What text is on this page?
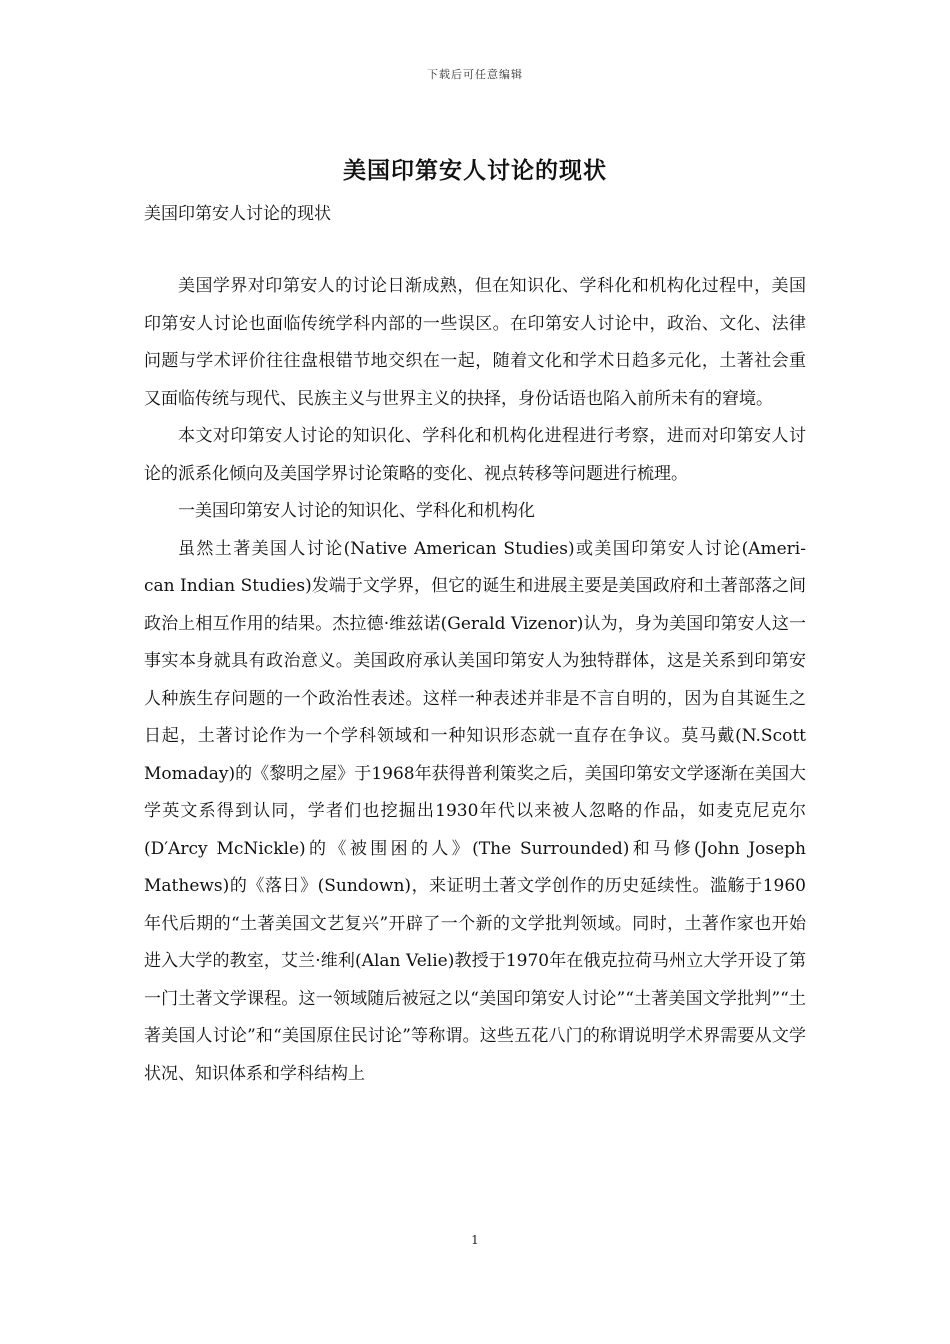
下载后可任意编辑
美国印第安人讨论的现状

美国印第安人讨论的现状

美国学界对印第安人的讨论日渐成熟，但在知识化、学科化和机构化过程中，美国印第安人讨论也面临传统学科内部的一些误区。在印第安人讨论中，政治、文化、法律问题与学术评价往往盘根错节地交织在一起，随着文化和学术日趋多元化，土著社会重又面临传统与现代、民族主义与世界主义的抉择，身份话语也陷入前所未有的窘境。

本文对印第安人讨论的知识化、学科化和机构化进程进行考察，进而对印第安人讨论的派系化倾向及美国学界讨论策略的变化、视点转移等问题进行梳理。

一美国印第安人讨论的知识化、学科化和机构化

虽然土著美国人讨论(Native American Studies)或美国印第安人讨论(Ameri-can Indian Studies)发端于文学界，但它的诞生和进展主要是美国政府和土著部落之间政治上相互作用的结果。杰拉德·维兹诺(Gerald Vizenor)认为，身为美国印第安人这一事实本身就具有政治意义。美国政府承认美国印第安人为独特群体，这是关系到印第安人种族生存问题的一个政治性表述。这样一种表述并非是不言自明的，因为自其诞生之日起，土著讨论作为一个学科领域和一种知识形态就一直存在争议。莫马戴(N.Scott Momaday)的《黎明之屋》于1968年获得普利策奖之后，美国印第安文学逐渐在美国大学英文系得到认同，学者们也挖掘出1930年代以来被人忽略的作品，如麦克尼克尔(D′Arcy McNickle)的《被围困的人》(The Surrounded)和马修(John Joseph Mathews)的《落日》(Sundown)，来证明土著文学创作的历史延续性。滥觞于1960年代后期的“土著美国文艺复兴”开辟了一个新的文学批判领域。同时，土著作家也开始进入大学的教室，艾兰·维利(Alan Velie)教授于1970年在俄克拉荷马州立大学开设了第一门土著文学课程。这一领域随后被冠之以“美国印第安人讨论”“土著美国文学批判”“土著美国人讨论”和“美国原住民讨论”等称谓。这些五花八门的称谓说明学术界需要从文学状况、知识体系和学科结构上

1
